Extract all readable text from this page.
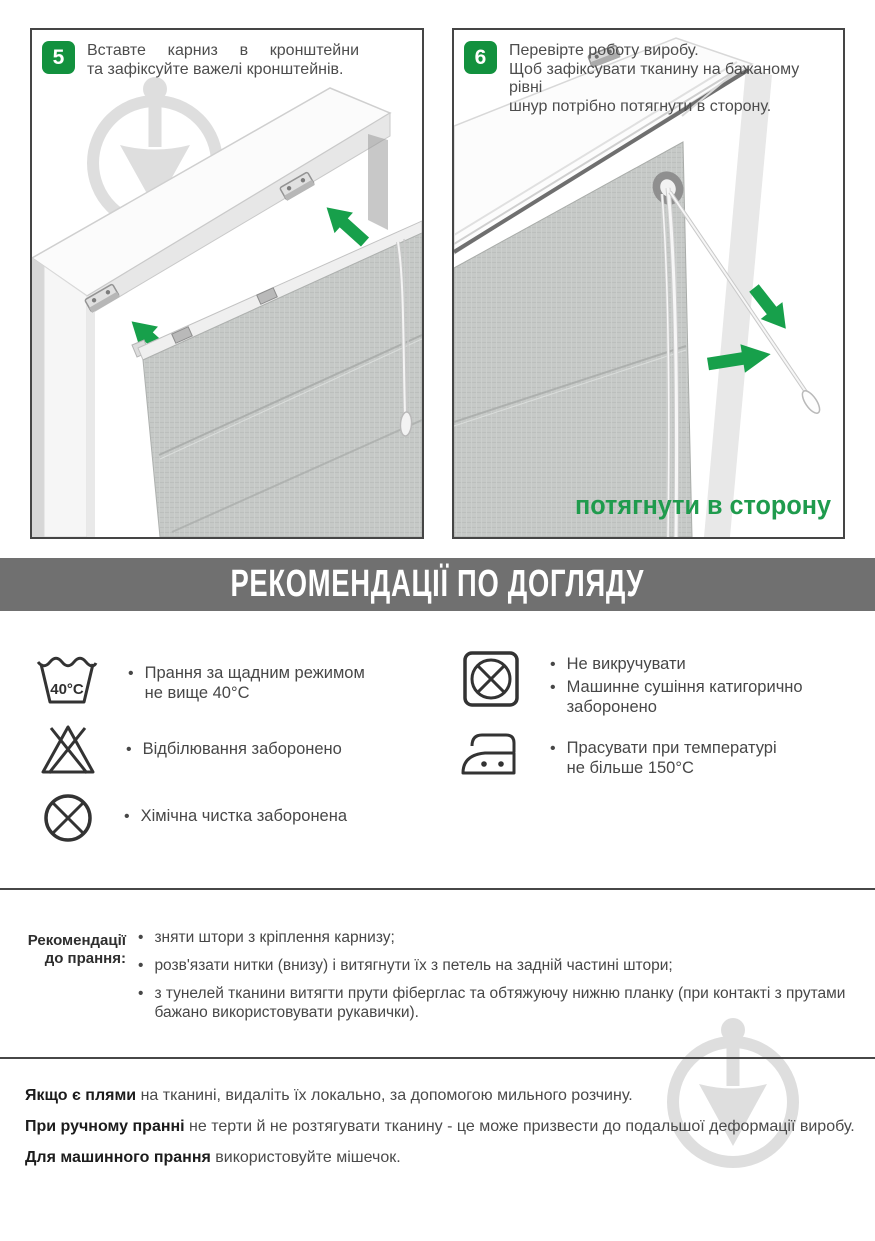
5	Вставте карниз в кронштейни
та зафіксуйте важелі кронштейнів.
потягнути в сторону
6	Перевірте роботу виробу.
Щоб зафіксувати тканину на бажаному рівні
шнур потрібно потягнути в сторону.
РЕКОМЕНДАЦІЇ ПО ДОГЛЯДУ
40°C
• Прання за щадним режимом
не вище 40°С
• Відбілювання заборонено
• Хімічна чистка заборонена
• Не викручувати
• Машинне сушіння катигорично
заборонено
• Прасувати при температурі
не більше 150°С
Рекомендації
до прання:
• зняти штори з кріплення карнизу;
• розв'язати нитки (внизу) і витягнути їх з петель на задній частині штори;
• з тунелей тканини витягти прути фіберглас та обтяжуючу нижню планку (при контакті з прутами бажано використовувати рукавички).

Якщо є плями на тканині, видаліть їх локально, за допомогою мильного розчину.

При ручному пранні не терти й не розтягувати тканину - це може призвести до подальшої деформації виробу.

Для машинного прання використовуйте мішечок.
